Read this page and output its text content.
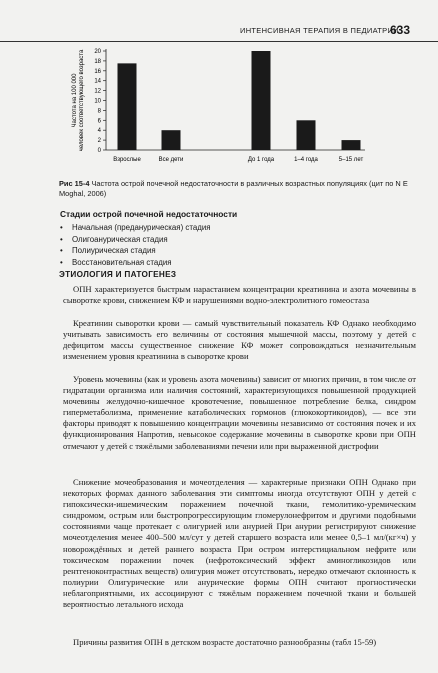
ИНТЕНСИВНАЯ ТЕРАПИЯ В ПЕДИАТРИИ
633
0
2
4
6
8
10
12
14
16
18
20
Частота на 100 000человек соответствующего возраста
Взрослые	Все дети	До 1 года	1–4 года	5–15 лет
Рис 15-4 Частота острой почечной недостаточности в различных возрастных популяциях (цит по N E Moghal, 2006)
Стадии острой почечной недостаточности
• Начальная (преданурическая) стадия
• Олигоанурическая стадия
• Полиурическая стадия
• Восстановительная стадия
ЭТИОЛОГИЯ И ПАТОГЕНЕЗ

ОПН характеризуется быстрым нарастанием концентрации креатинина и азота мочевины в сыворотке крови, снижением КФ и нарушениями водно-электролитного гомеостаза

Креатинин сыворотки крови — самый чувствительный показатель КФ Однако необходимо учитывать зависимость его величины от состояния мышечной массы, поэтому у детей с дефицитом массы существенное снижение КФ может сопровождаться незначительным изменением уровня креатинина в сыворотке крови

Уровень мочевины (как и уровень азота мочевины) зависит от многих причин, в том числе от гидратации организма или наличия состояний, характеризующихся повышенной продукцией мочевины желудочно-кишечное кровотечение, повышенное потребление белка, синдром гиперметаболизма, применение катаболических гормонов (глюкокортикоидов), — все эти факторы приводят к повышению концентрации мочевины независимо от состояния почек и их функционирования Напротив, невысокое содержание мочевины в сыворотке крови при ОПН отмечают у детей с тяжёлыми заболеваниями печени или при выраженной дистрофии

Снижение мочеобразования и мочеотделения — характерные признаки ОПН Однако при некоторых формах данного заболевания эти симптомы иногда отсутствуют ОПН у детей с гипоксически-ишемическим поражением почечной ткани, гемолитико-уремическим синдромом, острым или быстропрогрессирующим гломерулонефритом и другими подобными состояниями чаще протекает с олигурией или анурией При анурии регистрируют снижение мочеотделения менее 400–500 мл/сут у детей старшего возраста или менее 0,5–1 мл/(кг×ч) у новорождённых и детей раннего возраста При остром интерстициальном нефрите или токсическом поражении почек (нефротоксический эффект аминогликозидов или рентгеноконтрастных веществ) олигурия может отсутствовать, нередко отмечают склонность к полиурии Олигурические или анурические формы ОПН считают прогностически неблагоприятными, их ассоциируют с тяжёлым поражением почечной ткани и большей вероятностью летального исхода

Причины развития ОПН в детском возрасте достаточно разнообразны (табл 15-59)
